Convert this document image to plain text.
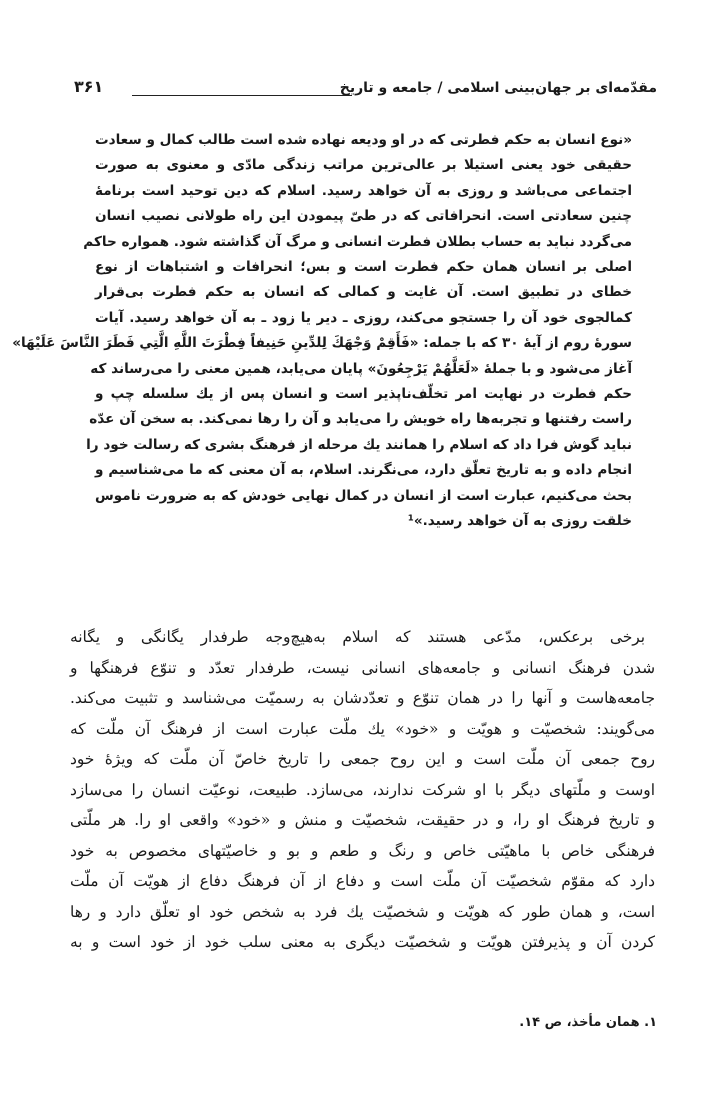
مقدّمه‌ای بر جهان‌بینی اسلامی / جامعه و تاریخ
۳۶۱
«نوع انسان به حکم فطرتی که در او ودیعه نهاده شده است طالب کمال و سعادت
حقیقی خود یعنی استیلا بر عالی‌ترین مراتب زندگی مادّی و معنوی به صورت
اجتماعی می‌باشد و روزی به آن خواهد رسید. اسلام که دین توحید است برنامهٔ
چنین سعادتی است. انحرافاتی که در طیّ پیمودن این راه طولانی نصیب انسان
می‌گردد نباید به حساب بطلان فطرت انسانی و مرگ آن گذاشته شود. همواره حاکم
اصلی بر انسان همان حکم فطرت است و بس؛ انحرافات و اشتباهات از نوع
خطای در تطبیق است. آن غایت و کمالی که انسان به حکم فطرت بی‌قرار
کمالجوی خود آن را جستجو می‌کند، روزی ـ دیر یا زود ـ به آن خواهد رسید. آیات
سورهٔ روم از آیهٔ ۳۰ که با جمله: «فَأَقِمْ وَجْهَكَ لِلدِّينِ حَنِيفاً فِطْرَتَ اللَّهِ الَّتِي فَطَرَ النَّاسَ عَلَيْهَا»
آغاز می‌شود و با جملهٔ «لَعَلَّهُمْ يَرْجِعُونَ» پایان می‌یابد، همین معنی را می‌رساند که
حکم فطرت در نهایت امر تخلّف‌ناپذیر است و انسان پس از یك سلسله چپ و
راست رفتنها و تجربه‌ها راه خویش را می‌یابد و آن را رها نمی‌کند. به سخن آن عدّه
نباید گوش فرا داد که اسلام را همانند یك مرحله از فرهنگ بشری که رسالت خود را
انجام داده و به تاریخ تعلّق دارد، می‌نگرند. اسلام، به آن معنی که ما می‌شناسیم و
بحث می‌کنیم، عبارت است از انسان در کمال نهایی خودش که به ضرورت ناموس
خلقت روزی به آن خواهد رسید.»¹
برخی برعکس، مدّعی هستند که اسلام به‌هیچ‌وجه طرفدار یگانگی و یگانه
شدن فرهنگ انسانی و جامعه‌های انسانی نیست، طرفدار تعدّد و تنوّع فرهنگها و
جامعه‌هاست و آنها را در همان تنوّع و تعدّدشان به رسمیّت می‌شناسد و تثبیت می‌کند.
می‌گویند: شخصیّت و هویّت و «خود» یك ملّت عبارت است از فرهنگ آن ملّت که
روح جمعی آن ملّت است و این روح جمعی را تاریخ خاصّ آن ملّت که ویژهٔ خود
اوست و ملّتهای دیگر با او شرکت ندارند، می‌سازد. طبیعت، نوعیّت انسان را می‌سازد
و تاریخ فرهنگ او را، و در حقیقت، شخصیّت و منش و «خود» واقعی او را. هر ملّتی
فرهنگی خاص با ماهیّتی خاص و رنگ و طعم و بو و خاصیّتهای مخصوص به خود
دارد که مقوّم شخصیّت آن ملّت است و دفاع از آن فرهنگ دفاع از هویّت آن ملّت
است، و همان طور که هویّت و شخصیّت یك فرد به شخص خود او تعلّق دارد و رها
کردن آن و پذیرفتن هویّت و شخصیّت دیگری به معنی سلب خود از خود است و به
۱. همان مأخذ، ص ۱۴.
